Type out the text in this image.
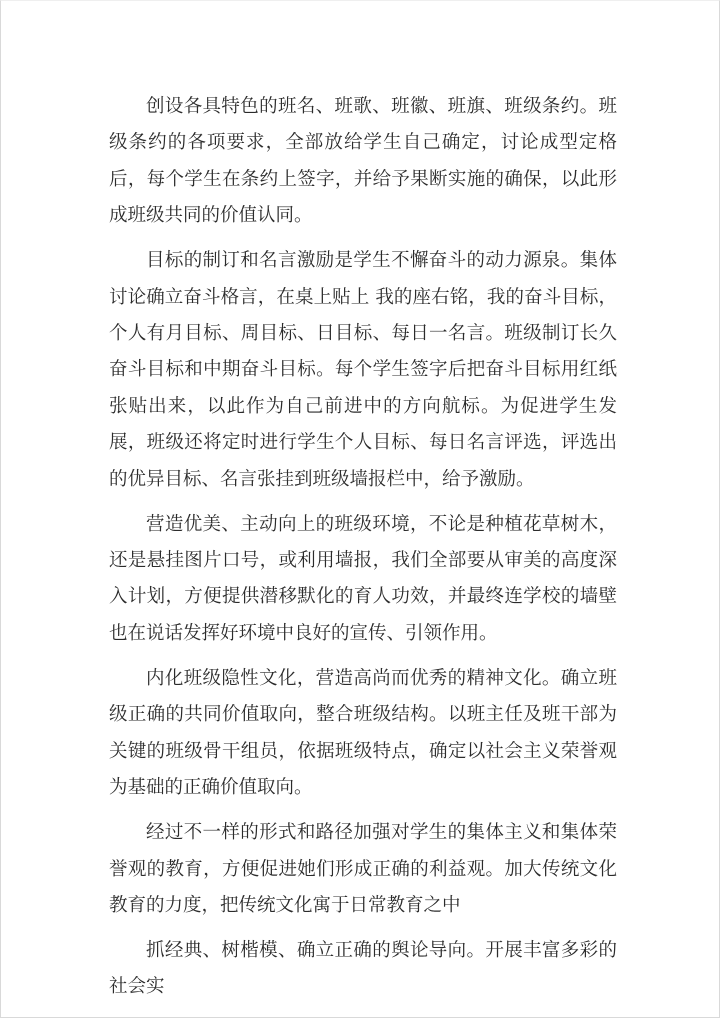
创设各具特色的班名、班歌、班徽、班旗、班级条约。班级条约的各项要求，全部放给学生自己确定，讨论成型定格后，每个学生在条约上签字，并给予果断实施的确保，以此形成班级共同的价值认同。

目标的制订和名言激励是学生不懈奋斗的动力源泉。集体讨论确立奋斗格言，在桌上贴上 我的座右铭，我的奋斗目标，个人有月目标、周目标、日目标、每日一名言。班级制订长久奋斗目标和中期奋斗目标。每个学生签字后把奋斗目标用红纸张贴出来，以此作为自己前进中的方向航标。为促进学生发展，班级还将定时进行学生个人目标、每日名言评选，评选出的优异目标、名言张挂到班级墙报栏中，给予激励。

营造优美、主动向上的班级环境，不论是种植花草树木，还是悬挂图片口号，或利用墙报，我们全部要从审美的高度深入计划，方便提供潜移默化的育人功效，并最终连学校的墙壁也在说话发挥好环境中良好的宣传、引领作用。

内化班级隐性文化，营造高尚而优秀的精神文化。确立班级正确的共同价值取向，整合班级结构。以班主任及班干部为关键的班级骨干组员，依据班级特点，确定以社会主义荣誉观为基础的正确价值取向。

经过不一样的形式和路径加强对学生的集体主义和集体荣誉观的教育，方便促进她们形成正确的利益观。加大传统文化教育的力度，把传统文化寓于日常教育之中

抓经典、树楷模、确立正确的舆论导向。开展丰富多彩的社会实
